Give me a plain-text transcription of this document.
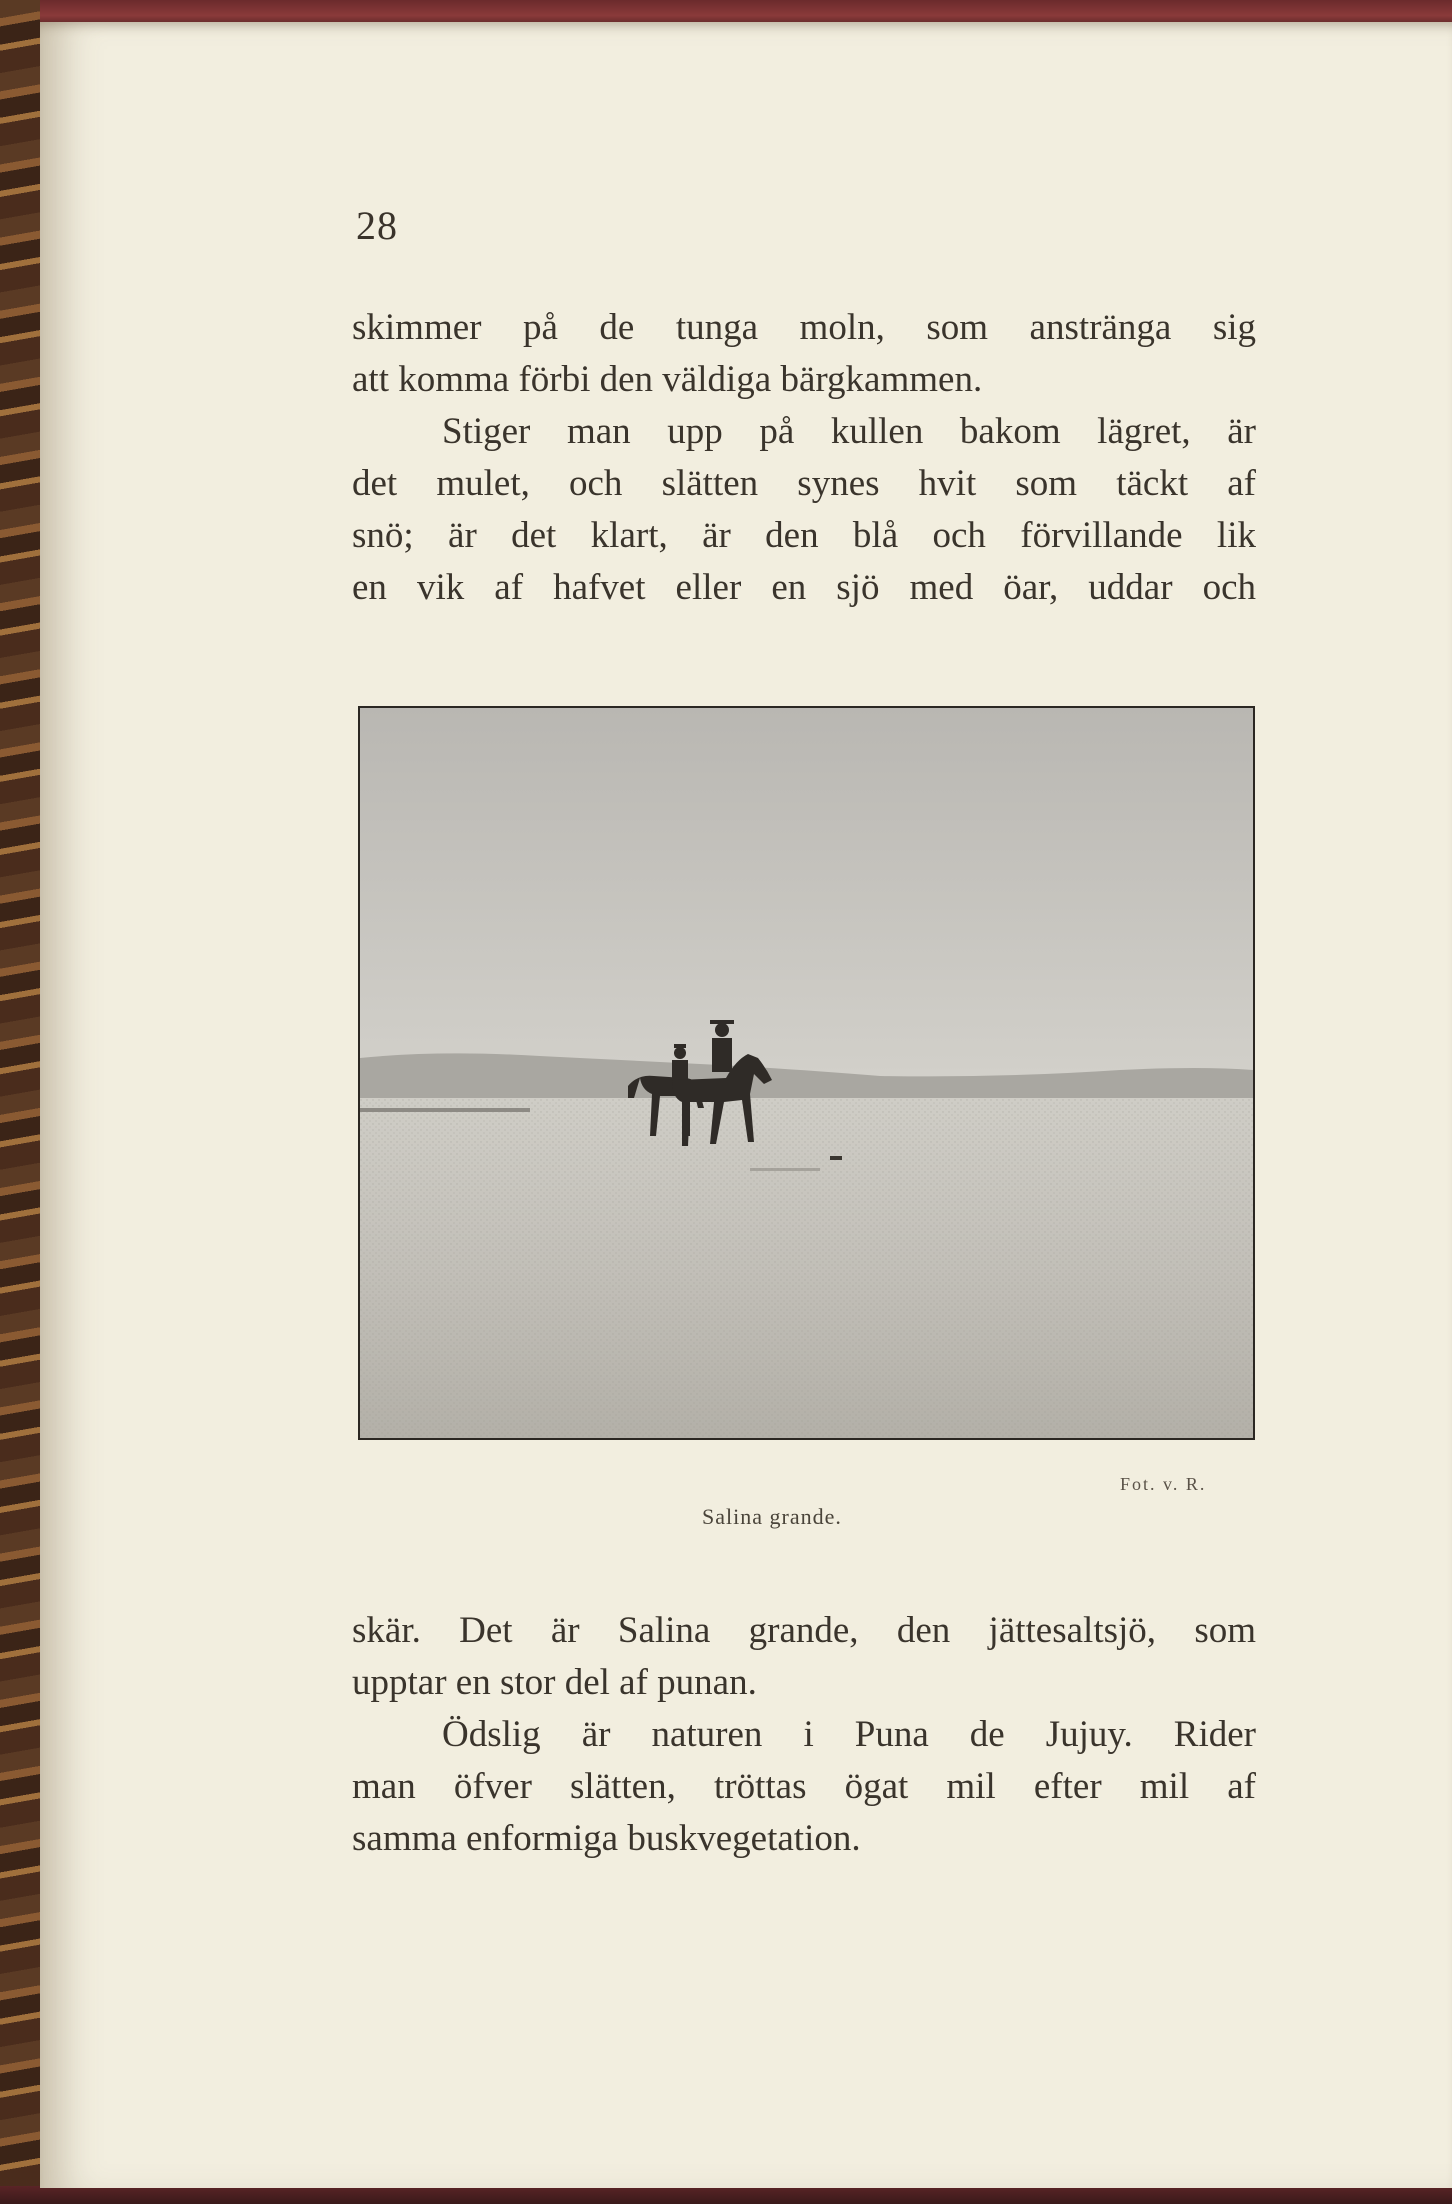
28
skimmer på de tunga moln, som anstränga sig
att komma förbi den väldiga bärgkammen.
Stiger man upp på kullen bakom lägret, är
det mulet, och slätten synes hvit som täckt af
snö; är det klart, är den blå och förvillande lik
en vik af hafvet eller en sjö med öar, uddar och
Fot. v. R.
Salina grande.
skär. Det är Salina grande, den jättesaltsjö, som
upptar en stor del af punan.
Ödslig är naturen i Puna de Jujuy. Rider
man öfver slätten, tröttas ögat mil efter mil af
samma enformiga buskvegetation.
